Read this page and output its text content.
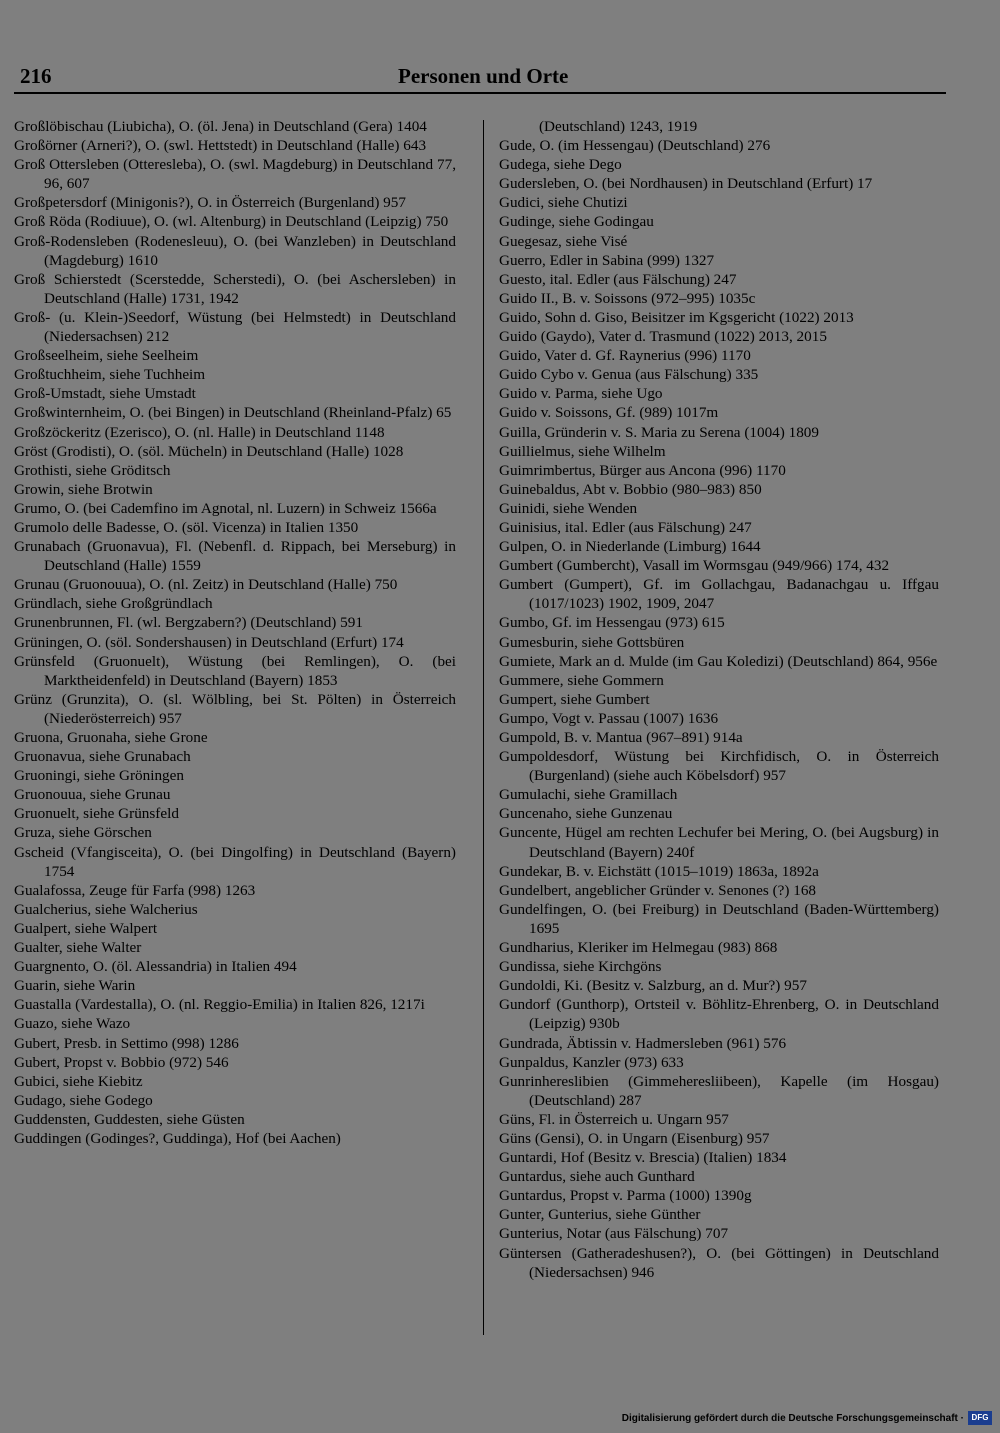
216	Personen und Orte
Großlöbischau (Liubicha), O. (öl. Jena) in Deutschland (Gera) 1404
Großörner (Arneri?), O. (swl. Hettstedt) in Deutschland (Halle) 643
Groß Ottersleben (Otteresleba), O. (swl. Magdeburg) in Deutschland 77, 96, 607
Großpetersdorf (Minigonis?), O. in Österreich (Burgenland) 957
Groß Röda (Rodiuue), O. (wl. Altenburg) in Deutschland (Leipzig) 750
Groß-Rodensleben (Rodenesleuu), O. (bei Wanzleben) in Deutschland (Magdeburg) 1610
Groß Schierstedt (Scerstedde, Scherstedi), O. (bei Aschersleben) in Deutschland (Halle) 1731, 1942
Groß- (u. Klein-)Seedorf, Wüstung (bei Helmstedt) in Deutschland (Niedersachsen) 212
Großseelheim, siehe Seelheim
Großtuchheim, siehe Tuchheim
Groß-Umstadt, siehe Umstadt
Großwinternheim, O. (bei Bingen) in Deutschland (Rheinland-Pfalz) 65
Großzöckeritz (Ezerisco), O. (nl. Halle) in Deutschland 1148
Gröst (Grodisti), O. (söl. Mücheln) in Deutschland (Halle) 1028
Grothisti, siehe Gröditsch
Growin, siehe Brotwin
Grumo, O. (bei Cademfino im Agnotal, nl. Luzern) in Schweiz 1566a
Grumolo delle Badesse, O. (söl. Vicenza) in Italien 1350
Grunabach (Gruonavua), Fl. (Nebenfl. d. Rippach, bei Merseburg) in Deutschland (Halle) 1559
Grunau (Gruonouua), O. (nl. Zeitz) in Deutschland (Halle) 750
Gründlach, siehe Großgründlach
Grunenbrunnen, Fl. (wl. Bergzabern?) (Deutschland) 591
Grüningen, O. (söl. Sondershausen) in Deutschland (Erfurt) 174
Grünsfeld (Gruonuelt), Wüstung (bei Remlingen), O. (bei Marktheidenfeld) in Deutschland (Bayern) 1853
Grünz (Grunzita), O. (sl. Wölbling, bei St. Pölten) in Österreich (Niederösterreich) 957
Gruona, Gruonaha, siehe Grone
Gruonavua, siehe Grunabach
Gruoningi, siehe Gröningen
Gruonouua, siehe Grunau
Gruonuelt, siehe Grünsfeld
Gruza, siehe Görschen
Gscheid (Vfangisceita), O. (bei Dingolfing) in Deutschland (Bayern) 1754
Gualafossa, Zeuge für Farfa (998) 1263
Gualcherius, siehe Walcherius
Gualpert, siehe Walpert
Gualter, siehe Walter
Guargnento, O. (öl. Alessandria) in Italien 494
Guarin, siehe Warin
Guastalla (Vardestalla), O. (nl. Reggio-Emilia) in Italien 826, 1217i
Guazo, siehe Wazo
Gubert, Presb. in Settimo (998) 1286
Gubert, Propst v. Bobbio (972) 546
Gubici, siehe Kiebitz
Gudago, siehe Godego
Guddensten, Guddesten, siehe Güsten
Guddingen (Godinges?, Guddinga), Hof (bei Aachen)
(Deutschland) 1243, 1919
Gude, O. (im Hessengau) (Deutschland) 276
Gudega, siehe Dego
Gudersleben, O. (bei Nordhausen) in Deutschland (Erfurt) 17
Gudici, siehe Chutizi
Gudinge, siehe Godingau
Guegesaz, siehe Visé
Guerro, Edler in Sabina (999) 1327
Guesto, ital. Edler (aus Fälschung) 247
Guido II., B. v. Soissons (972–995) 1035c
Guido, Sohn d. Giso, Beisitzer im Kgsgericht (1022) 2013
Guido (Gaydo), Vater d. Trasmund (1022) 2013, 2015
Guido, Vater d. Gf. Raynerius (996) 1170
Guido Cybo v. Genua (aus Fälschung) 335
Guido v. Parma, siehe Ugo
Guido v. Soissons, Gf. (989) 1017m
Guilla, Gründerin v. S. Maria zu Serena (1004) 1809
Guillielmus, siehe Wilhelm
Guimrimbertus, Bürger aus Ancona (996) 1170
Guinebaldus, Abt v. Bobbio (980–983) 850
Guinidi, siehe Wenden
Guinisius, ital. Edler (aus Fälschung) 247
Gulpen, O. in Niederlande (Limburg) 1644
Gumbert (Gumbercht), Vasall im Wormsgau (949/966) 174, 432
Gumbert (Gumpert), Gf. im Gollachgau, Badanachgau u. Iffgau (1017/1023) 1902, 1909, 2047
Gumbo, Gf. im Hessengau (973) 615
Gumesburin, siehe Gottsbüren
Gumiete, Mark an d. Mulde (im Gau Koledizi) (Deutschland) 864, 956e
Gummere, siehe Gommern
Gumpert, siehe Gumbert
Gumpo, Vogt v. Passau (1007) 1636
Gumpold, B. v. Mantua (967–891) 914a
Gumpoldesdorf, Wüstung bei Kirchfidisch, O. in Österreich (Burgenland) (siehe auch Köbelsdorf) 957
Gumulachi, siehe Gramillach
Guncenaho, siehe Gunzenau
Guncente, Hügel am rechten Lechufer bei Mering, O. (bei Augsburg) in Deutschland (Bayern) 240f
Gundekar, B. v. Eichstätt (1015–1019) 1863a, 1892a
Gundelbert, angeblicher Gründer v. Senones (?) 168
Gundelfingen, O. (bei Freiburg) in Deutschland (Baden-Württemberg) 1695
Gundharius, Kleriker im Helmegau (983) 868
Gundissa, siehe Kirchgöns
Gundoldi, Ki. (Besitz v. Salzburg, an d. Mur?) 957
Gundorf (Gunthorp), Ortsteil v. Böhlitz-Ehrenberg, O. in Deutschland (Leipzig) 930b
Gundrada, Äbtissin v. Hadmersleben (961) 576
Gunpaldus, Kanzler (973) 633
Gunrinhereslibien (Gimmeheresliibeen), Kapelle (im Hosgau) (Deutschland) 287
Güns, Fl. in Österreich u. Ungarn 957
Güns (Gensi), O. in Ungarn (Eisenburg) 957
Guntardi, Hof (Besitz v. Brescia) (Italien) 1834
Guntardus, siehe auch Gunthard
Guntardus, Propst v. Parma (1000) 1390g
Gunter, Gunterius, siehe Günther
Gunterius, Notar (aus Fälschung) 707
Güntersen (Gatheradeshusen?), O. (bei Göttingen) in Deutschland (Niedersachsen) 946
Digitalisierung gefördert durch die Deutsche Forschungsgemeinschaft · DFG
